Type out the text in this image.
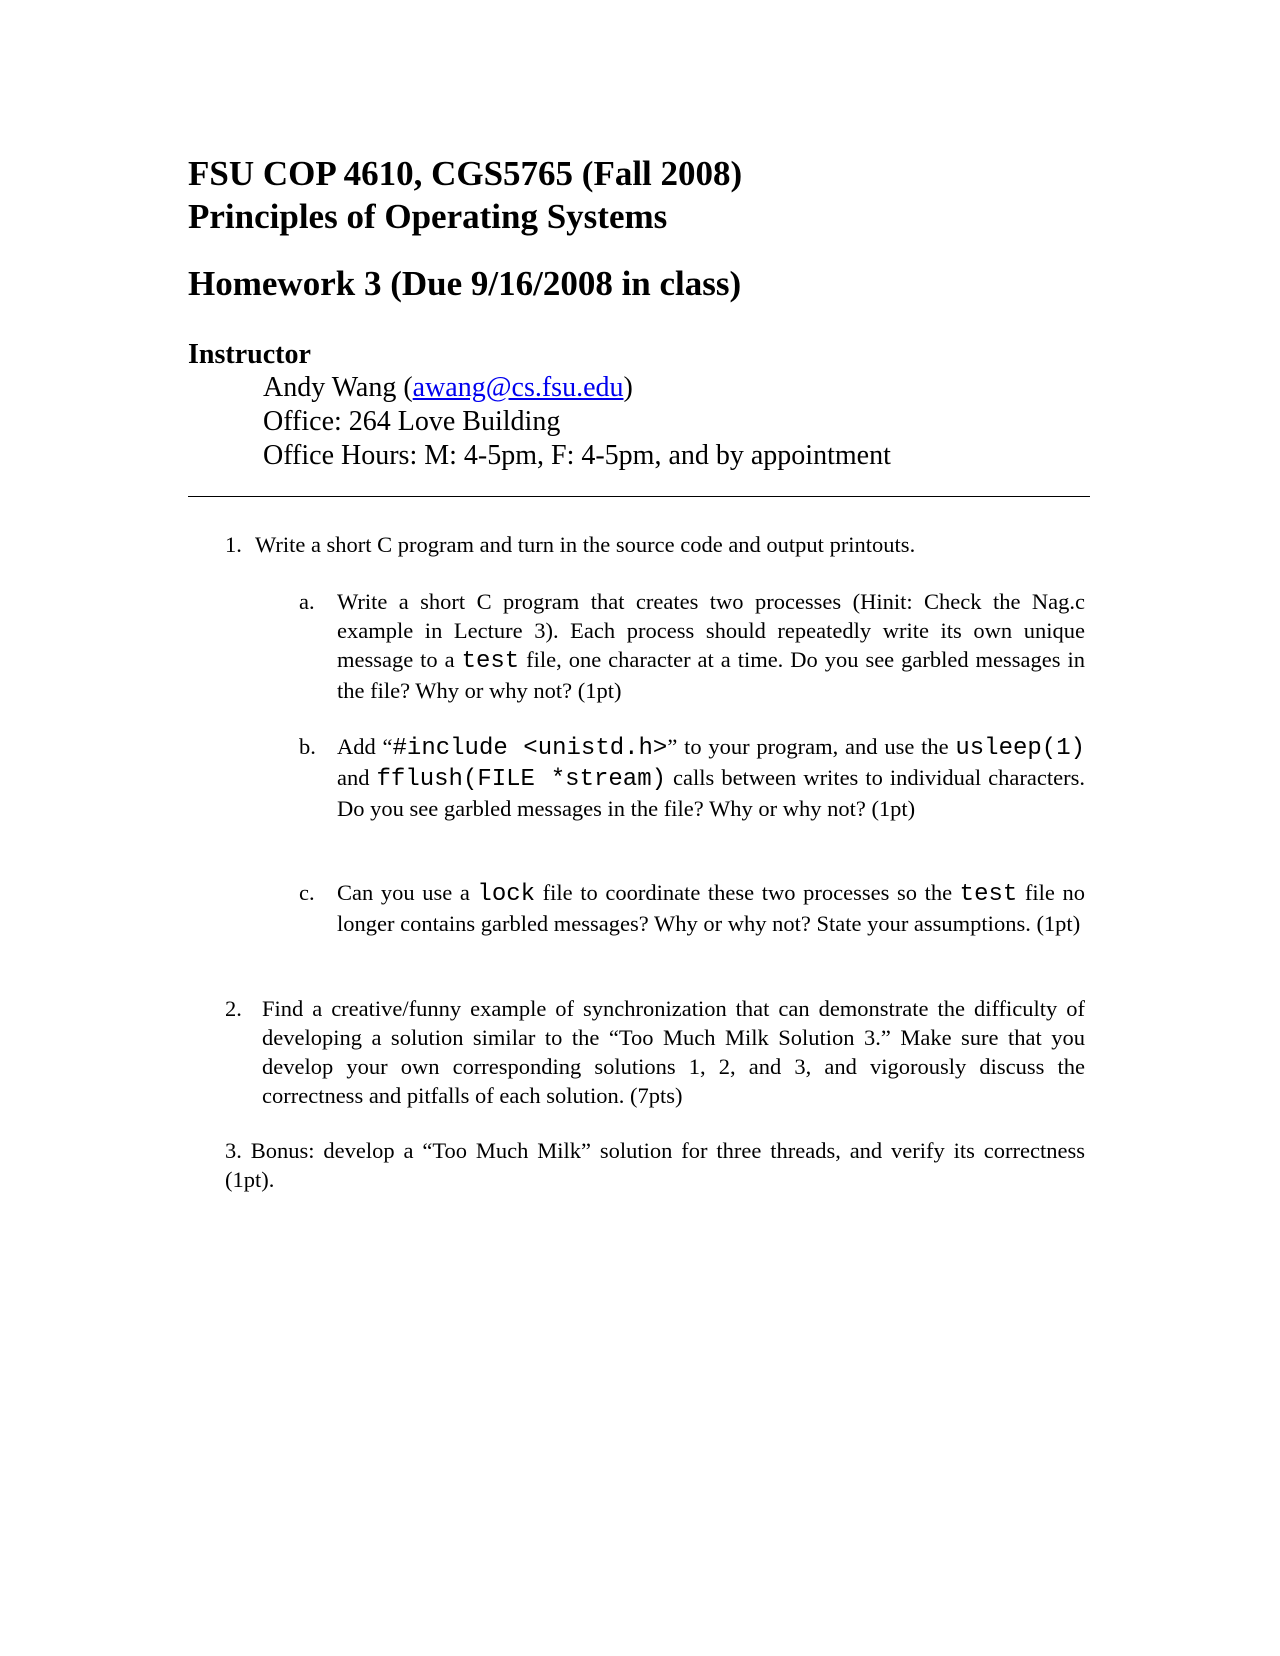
FSU COP 4610, CGS5765 (Fall 2008)
Principles of Operating Systems
Homework 3 (Due 9/16/2008 in class)
Instructor
Andy Wang (awang@cs.fsu.edu)
Office: 264 Love Building
Office Hours: M: 4-5pm, F: 4-5pm, and by appointment
1. Write a short C program and turn in the source code and output printouts.
a. Write a short C program that creates two processes (Hinit: Check the Nag.c example in Lecture 3). Each process should repeatedly write its own unique message to a test file, one character at a time. Do you see garbled messages in the file? Why or why not? (1pt)
b. Add “#include <unistd.h>” to your program, and use the usleep(1) and fflush(FILE *stream) calls between writes to individual characters. Do you see garbled messages in the file? Why or why not? (1pt)
c. Can you use a lock file to coordinate these two processes so the test file no longer contains garbled messages? Why or why not? State your assumptions. (1pt)
2. Find a creative/funny example of synchronization that can demonstrate the difficulty of developing a solution similar to the “Too Much Milk Solution 3.” Make sure that you develop your own corresponding solutions 1, 2, and 3, and vigorously discuss the correctness and pitfalls of each solution. (7pts)
3. Bonus: develop a “Too Much Milk” solution for three threads, and verify its correctness (1pt).
